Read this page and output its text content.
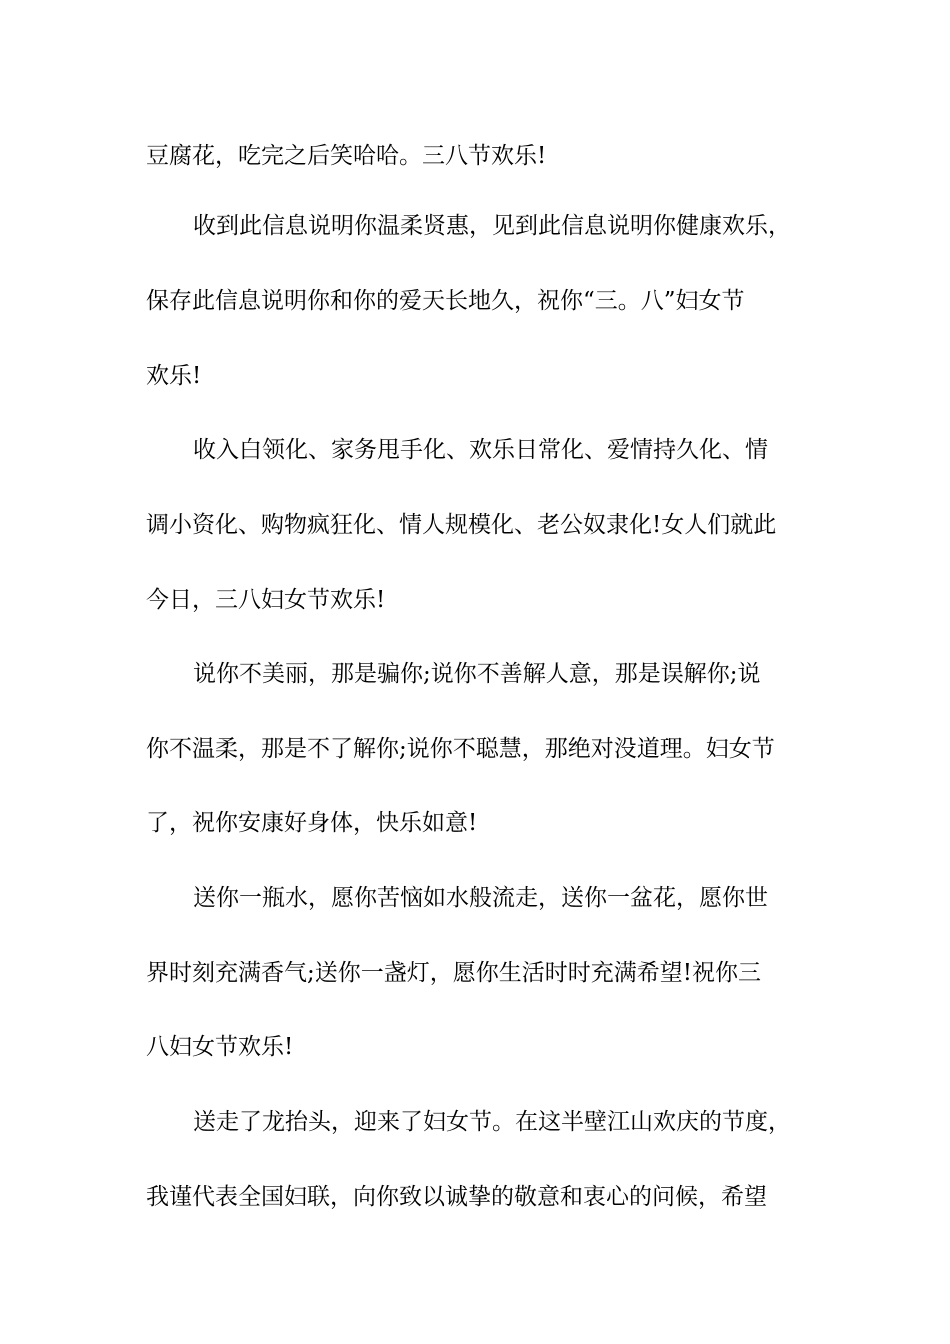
豆腐花，吃完之后笑哈哈。三八节欢乐!
收到此信息说明你温柔贤惠，见到此信息说明你健康欢乐，
保存此信息说明你和你的爱天长地久，祝你“三。八”妇女节
欢乐!
收入白领化、家务甩手化、欢乐日常化、爱情持久化、情
调小资化、购物疯狂化、情人规模化、老公奴隶化!女人们就此
今日，三八妇女节欢乐!
说你不美丽，那是骗你;说你不善解人意，那是误解你;说
你不温柔，那是不了解你;说你不聪慧，那绝对没道理。妇女节
了，祝你安康好身体，快乐如意!
送你一瓶水，愿你苦恼如水般流走，送你一盆花，愿你世
界时刻充满香气;送你一盏灯，愿你生活时时充满希望!祝你三
八妇女节欢乐!
送走了龙抬头，迎来了妇女节。在这半壁江山欢庆的节度，
我谨代表全国妇联，向你致以诚挚的敬意和衷心的问候，希望
